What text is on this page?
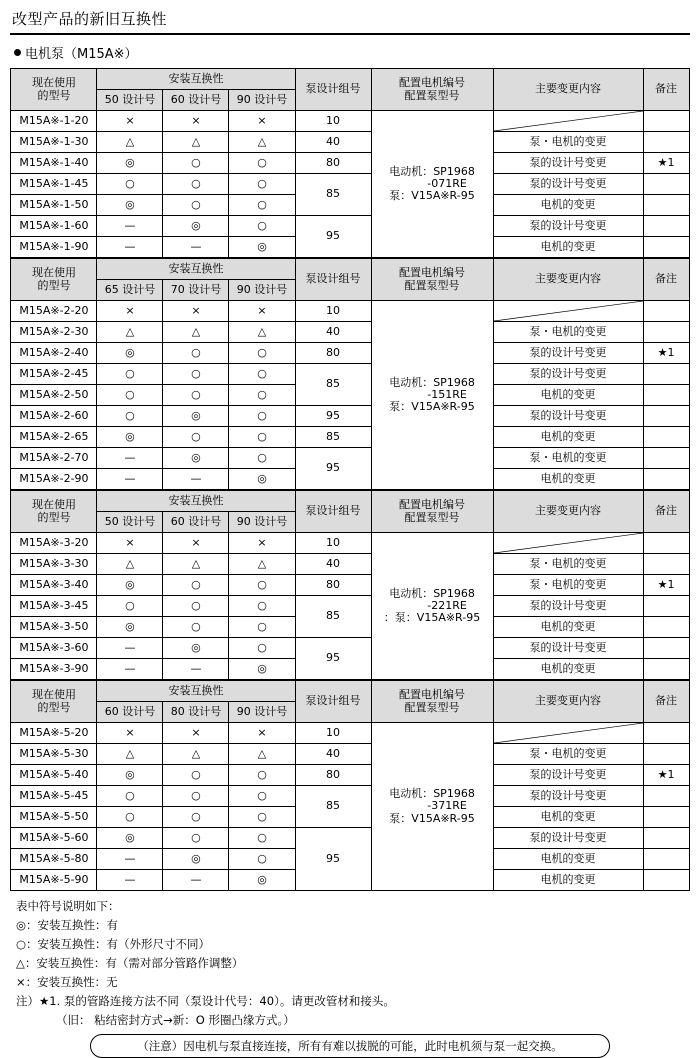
改型产品的新旧互换性
电机泵（M15A※）
现在使用
的型号	安装互换性			泵设计组号	配置电机编号
配置泵型号	主要变更内容	备注
	50 设计号	60 设计号	90 设计号				
M15A※-1-20	×	×	×	10	电动机：SP1968
-071RE
泵：V15A※R-95

M15A※-1-30	△	△	△	40		泵・电机的变更	
M15A※-1-40	◎	○	○	80		泵的设计号变更	★1
M15A※-1-45	○	○	○	85		泵的设计号变更	
M15A※-1-50	◎	○	○			电机的变更	
M15A※-1-60	—	◎	○	95		泵的设计号变更	
M15A※-1-90	—	—	◎			电机的变更	
现在使用
的型号	安装互换性			泵设计组号	配置电机编号
配置泵型号	主要变更内容	备注
	65 设计号	70 设计号	90 设计号				
M15A※-2-20	×	×	×	10	电动机：SP1968
-151RE
泵：V15A※R-95

M15A※-2-30	△	△	△	40		泵・电机的变更	
M15A※-2-40	◎	○	○	80		泵的设计号变更	★1
M15A※-2-45	○	○	○	85		泵的设计号变更	
M15A※-2-50	○	○	○			电机的变更	
M15A※-2-60	○	◎	○	95		泵的设计号变更	
M15A※-2-65	◎	○	○	85		电机的变更	
M15A※-2-70	—	◎	○	95		泵・电机的变更	
M15A※-2-90	—	—	◎			电机的变更	
现在使用
的型号	安装互换性			泵设计组号	配置电机编号
配置泵型号	主要变更内容	备注
	50 设计号	60 设计号	90 设计号				
M15A※-3-20	×	×	×	10	电动机：SP1968
-221RE
：泵：V15A※R-95

M15A※-3-30	△	△	△	40		泵・电机的变更	
M15A※-3-40	◎	○	○	80		泵・电机的变更	★1
M15A※-3-45	○	○	○	85		泵的设计号变更	
M15A※-3-50	◎	○	○			电机的变更	
M15A※-3-60	—	◎	○	95		泵的设计号变更	
M15A※-3-90	—	—	◎			电机的变更	
现在使用
的型号	安装互换性			泵设计组号	配置电机编号
配置泵型号	主要变更内容	备注
	60 设计号	80 设计号	90 设计号				
M15A※-5-20	×	×	×	10	电动机：SP1968
-371RE
泵：V15A※R-95

M15A※-5-30	△	△	△	40		泵・电机的变更	
M15A※-5-40	◎	○	○	80		泵的设计号变更	★1
M15A※-5-45	○	○	○	85		泵的设计号变更	
M15A※-5-50	○	○	○			电机的变更	
M15A※-5-60	◎	○	○	95		泵的设计号变更	
M15A※-5-80	—	◎	○			电机的变更	
M15A※-5-90	—	—	◎			电机的变更	
表中符号说明如下：
◎：安装互换性：有
○：安装互换性：有（外形尺寸不同）
△：安装互换性：有（需对部分管路作调整）
×：安装互换性：无
注）★1. 泵的管路连接方法不同（泵设计代号：40）。请更改管材和接头。
（旧： 粘结密封方式→新：O 形圈凸缘方式。）
（注意）因电机与泵直接连接，所有有难以拔脱的可能，此时电机须与泵一起交换。
